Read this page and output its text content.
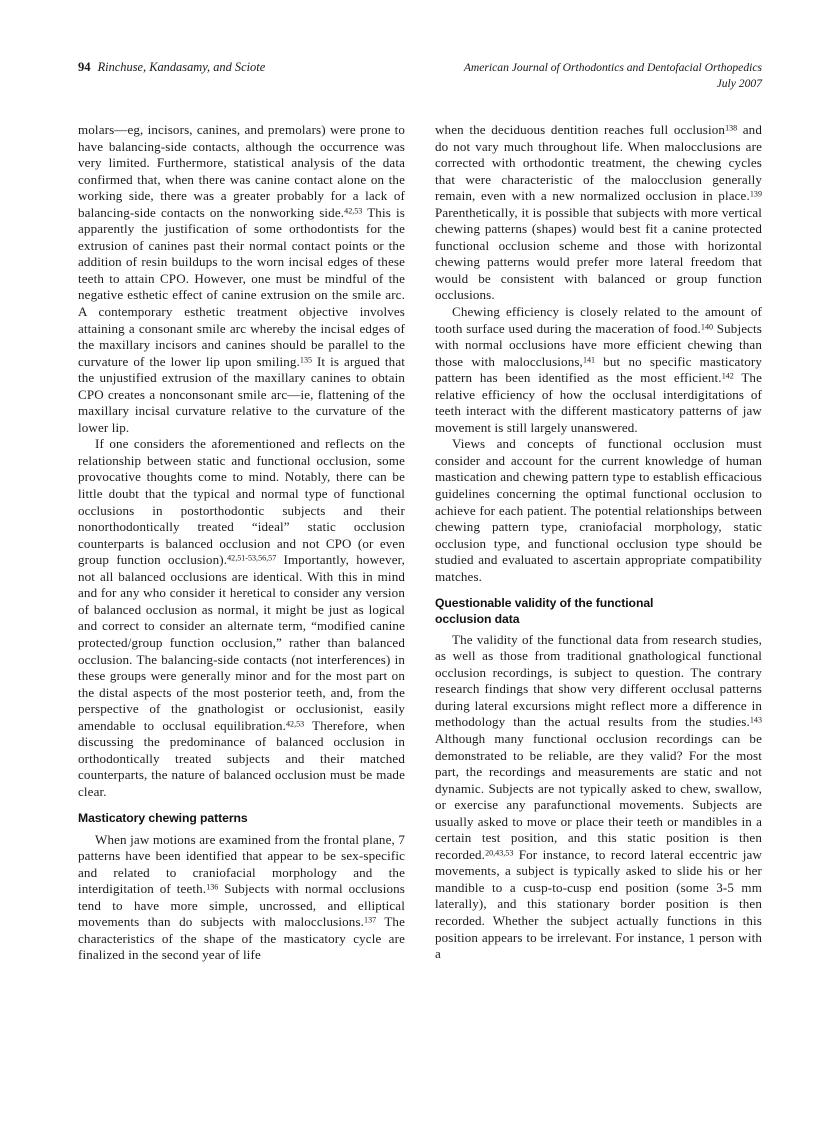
94 Rinchuse, Kandasamy, and Sciote	American Journal of Orthodontics and Dentofacial Orthopedics
July 2007

molars—eg, incisors, canines, and premolars) were prone to have balancing-side contacts, although the occurrence was very limited. Furthermore, statistical analysis of the data confirmed that, when there was canine contact alone on the working side, there was a greater probably for a lack of balancing-side contacts on the nonworking side.$^{42,53}$ This is apparently the justification of some orthodontists for the extrusion of canines past their normal contact points or the addition of resin buildups to the worn incisal edges of these teeth to attain CPO. However, one must be mindful of the negative esthetic effect of canine extrusion on the smile arc. A contemporary esthetic treatment objective involves attaining a consonant smile arc whereby the incisal edges of the maxillary incisors and canines should be parallel to the curvature of the lower lip upon smiling.$^{135}$ It is argued that the unjustified extrusion of the maxillary canines to obtain CPO creates a nonconsonant smile arc—ie, flattening of the maxillary incisal curvature relative to the curvature of the lower lip.

If one considers the aforementioned and reflects on the relationship between static and functional occlusion, some provocative thoughts come to mind. Notably, there can be little doubt that the typical and normal type of functional occlusions in postorthodontic subjects and their nonorthodontically treated “ideal” static occlusion counterparts is balanced occlusion and not CPO (or even group function occlusion).$^{42,51-53,56,57}$ Importantly, however, not all balanced occlusions are identical. With this in mind and for any who consider it heretical to consider any version of balanced occlusion as normal, it might be just as logical and correct to consider an alternate term, “modified canine protected/group function occlusion,” rather than balanced occlusion. The balancing-side contacts (not interferences) in these groups were generally minor and for the most part on the distal aspects of the most posterior teeth, and, from the perspective of the gnathologist or occlusionist, easily amendable to occlusal equilibration.$^{42,53}$ Therefore, when discussing the predominance of balanced occlusion in orthodontically treated subjects and their matched counterparts, the nature of balanced occlusion must be made clear.

Masticatory chewing patterns

When jaw motions are examined from the frontal plane, 7 patterns have been identified that appear to be sex-specific and related to craniofacial morphology and the interdigitation of teeth.$^{136}$ Subjects with normal occlusions tend to have more simple, uncrossed, and elliptical movements than do subjects with malocclusions.$^{137}$ The characteristics of the shape of the masticatory cycle are finalized in the second year of life

when the deciduous dentition reaches full occlusion$^{138}$ and do not vary much throughout life. When malocclusions are corrected with orthodontic treatment, the chewing cycles that were characteristic of the malocclusion generally remain, even with a new normalized occlusion in place.$^{139}$ Parenthetically, it is possible that subjects with more vertical chewing patterns (shapes) would best fit a canine protected functional occlusion scheme and those with horizontal chewing patterns would prefer more lateral freedom that would be consistent with balanced or group function occlusions.

Chewing efficiency is closely related to the amount of tooth surface used during the maceration of food.$^{140}$ Subjects with normal occlusions have more efficient chewing than those with malocclusions,$^{141}$ but no specific masticatory pattern has been identified as the most efficient.$^{142}$ The relative efficiency of how the occlusal interdigitations of teeth interact with the different masticatory patterns of jaw movement is still largely unanswered.

Views and concepts of functional occlusion must consider and account for the current knowledge of human mastication and chewing pattern type to establish efficacious guidelines concerning the optimal functional occlusion to achieve for each patient. The potential relationships between chewing pattern type, craniofacial morphology, static occlusion type, and functional occlusion type should be studied and evaluated to ascertain appropriate compatibility matches.

Questionable validity of the functional
occlusion data

The validity of the functional data from research studies, as well as those from traditional gnathological functional occlusion recordings, is subject to question. The contrary research findings that show very different occlusal patterns during lateral excursions might reflect more a difference in methodology than the actual results from the studies.$^{143}$ Although many functional occlusion recordings can be demonstrated to be reliable, are they valid? For the most part, the recordings and measurements are static and not dynamic. Subjects are not typically asked to chew, swallow, or exercise any parafunctional movements. Subjects are usually asked to move or place their teeth or mandibles in a certain test position, and this static position is then recorded.$^{20,43,53}$ For instance, to record lateral eccentric jaw movements, a subject is typically asked to slide his or her mandible to a cusp-to-cusp end position (some 3-5 mm laterally), and this stationary border position is then recorded. Whether the subject actually functions in this position appears to be irrelevant. For instance, 1 person with a
